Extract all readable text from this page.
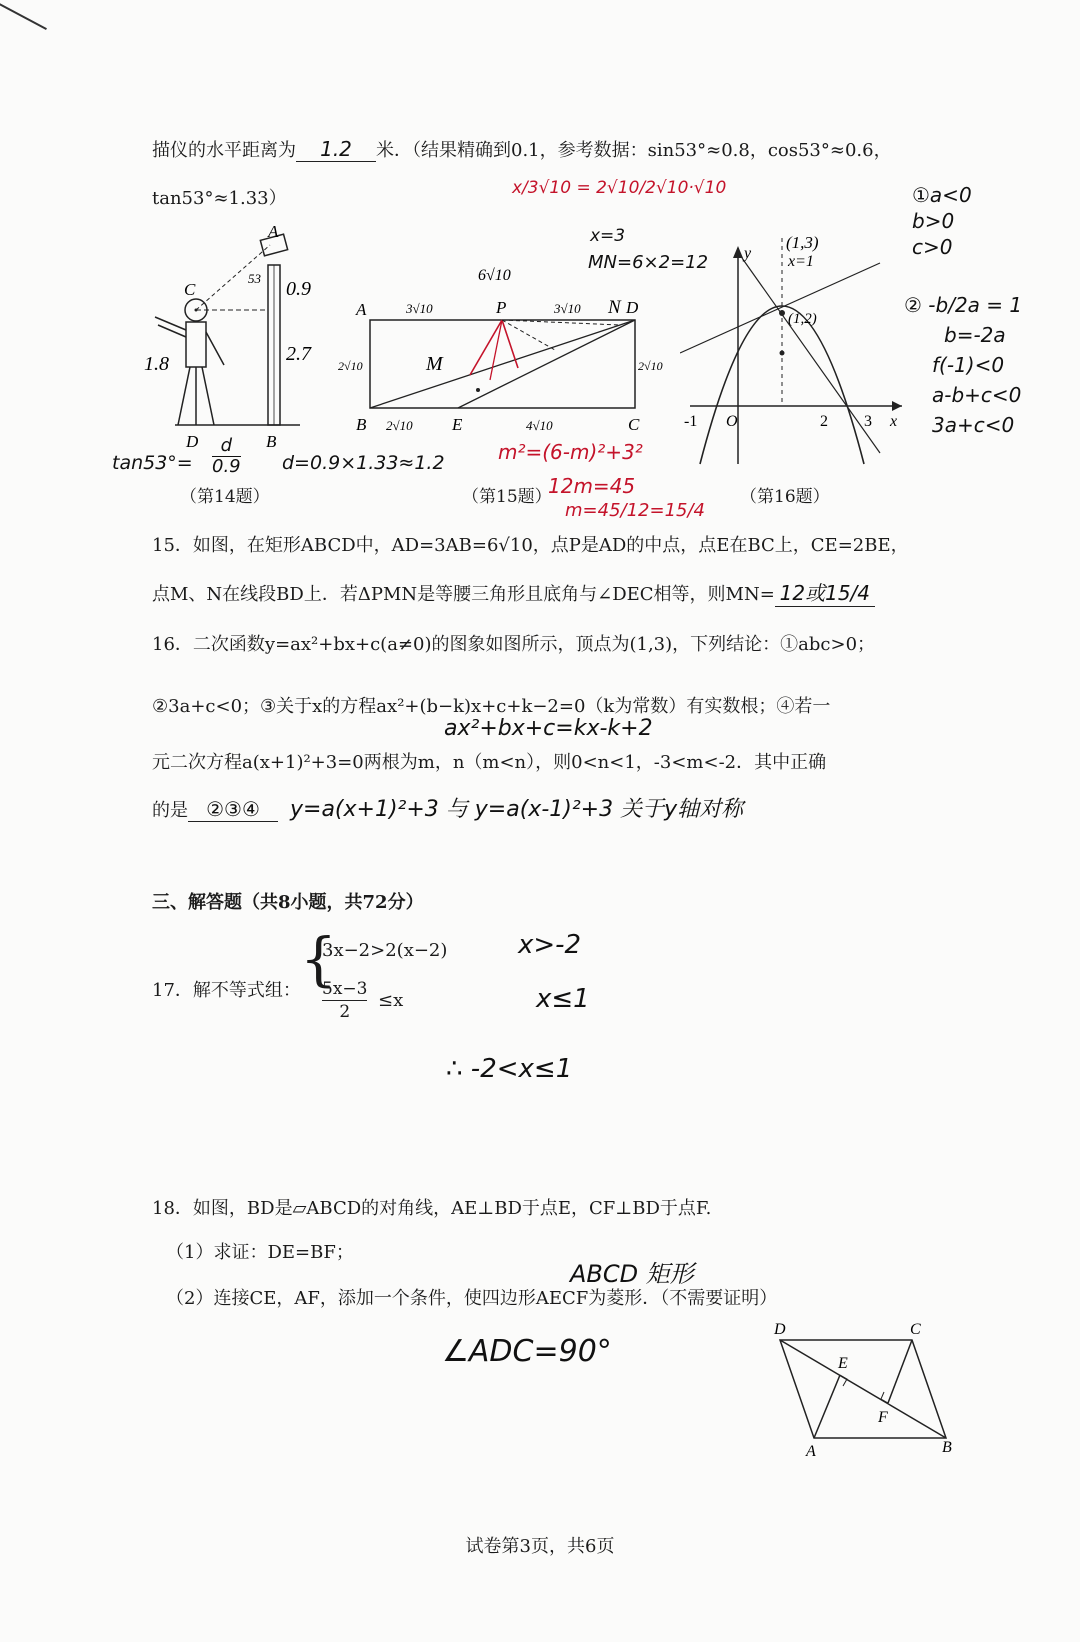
描仪的水平距离为 1.2 米．（结果精确到0.1，参考数据：sin53°≈0.8，cos53°≈0.6，
tan53°≈1.33）
A
C
D	B
53 0.9
2.7
1.8
$\tan 53^\circ= \frac{d}{0.9} d=0.9\times 1.33\approx 1.2$
（第14题）
A	P	N D
B	E	C
M
6√10
3√10	3√10
2√10	2√10
2√10	4√10
x/3√10 = 2√10/2√10·√10
x=3
MN=6×2=12
m²=(6-m)²+3²
12m=45
m=45/12=15/4
（第15题）
y
x
O
-1	2 3
(1,3)
x=1
(1,2)
①a<0
b>0
c>0
② -b/2a = 1
b=-2a
f(-1)<0
a-b+c<0
3a+c<0
（第16题）
15．如图，在矩形ABCD中，AD=3AB=6√10，点P是AD的中点，点E在BC上，CE=2BE，
点M、N在线段BD上．若ΔPMN是等腰三角形且底角与∠DEC相等，则MN= 12或15/4
16．二次函数y=ax²+bx+c(a≠0)的图象如图所示，顶点为(1,3)，下列结论：①abc>0；
②3a+c<0；③关于x的方程ax²+(b−k)x+c+k−2=0（k为常数）有实数根；④若一
ax²+bx+c=kx-k+2
元二次方程a(x+1)²+3=0两根为m，n（m<n），则0<n<1，-3<m<-2．其中正确
的是 ②③④	y=a(x+1)²+3 与 y=a(x-1)²+3 关于y轴对称
三、解答题（共8小题，共72分）
17．解不等式组： {
3x−2>2(x−2)
$\frac{5x-3}{2} \le x$
x>-2
x≤1
∴ -2<x≤1
18．如图，BD是▱ABCD的对角线，AE⊥BD于点E，CF⊥BD于点F.
（1）求证：DE=BF；
ABCD 矩形
（2）连接CE，AF，添加一个条件，使四边形AECF为菱形．（不需要证明）
∠ADC=90°
D	C
E
F
A	B
试卷第3页，共6页
